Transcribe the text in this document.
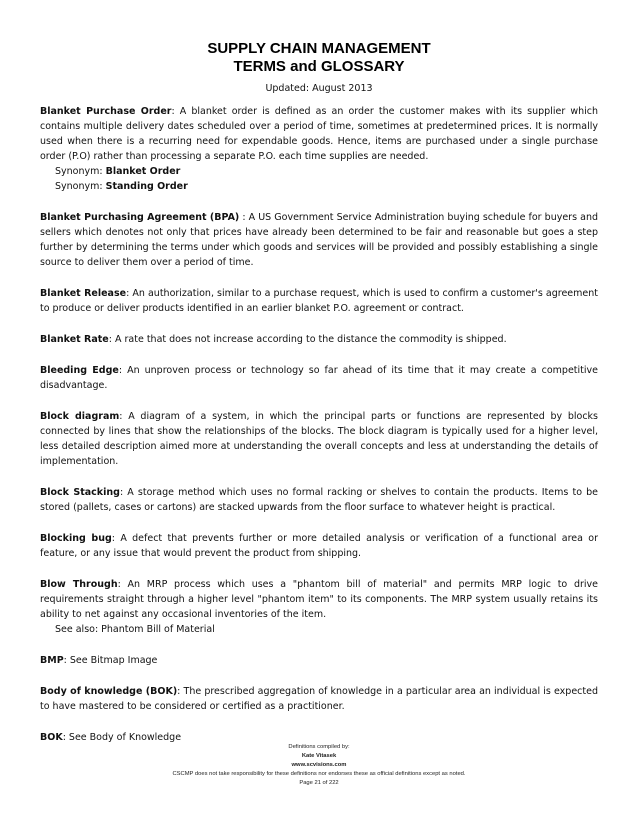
SUPPLY CHAIN MANAGEMENT
TERMS and GLOSSARY
Updated: August 2013

Blanket Purchase Order: A blanket order is defined as an order the customer makes with its supplier which contains multiple delivery dates scheduled over a period of time, sometimes at predetermined prices. It is normally used when there is a recurring need for expendable goods. Hence, items are purchased under a single purchase order (P.O) rather than processing a separate P.O. each time supplies are needed.

Synonym: Blanket Order
Synonym: Standing Order

Blanket Purchasing Agreement (BPA) : A US Government Service Administration buying schedule for buyers and sellers which denotes not only that prices have already been determined to be fair and reasonable but goes a step further by determining the terms under which goods and services will be provided and possibly establishing a single source to deliver them over a period of time.

Blanket Release: An authorization, similar to a purchase request, which is used to confirm a customer's agreement to produce or deliver products identified in an earlier blanket P.O. agreement or contract.

Blanket Rate: A rate that does not increase according to the distance the commodity is shipped.

Bleeding Edge: An unproven process or technology so far ahead of its time that it may create a competitive disadvantage.

Block diagram: A diagram of a system, in which the principal parts or functions are represented by blocks connected by lines that show the relationships of the blocks. The block diagram is typically used for a higher level, less detailed description aimed more at understanding the overall concepts and less at understanding the details of implementation.

Block Stacking: A storage method which uses no formal racking or shelves to contain the products. Items to be stored (pallets, cases or cartons) are stacked upwards from the floor surface to whatever height is practical.

Blocking bug: A defect that prevents further or more detailed analysis or verification of a functional area or feature, or any issue that would prevent the product from shipping.

Blow Through: An MRP process which uses a "phantom bill of material" and permits MRP logic to drive requirements straight through a higher level "phantom item" to its components. The MRP system usually retains its ability to net against any occasional inventories of the item.

See also: Phantom Bill of Material

BMP: See Bitmap Image

Body of knowledge (BOK): The prescribed aggregation of knowledge in a particular area an individual is expected to have mastered to be considered or certified as a practitioner.

BOK: See Body of Knowledge

Definitions compiled by:
Kate Vitasek
www.scvisions.com
CSCMP does not take responsibility for these definitions nor endorses these as official definitions except as noted.
Page 21 of 222
